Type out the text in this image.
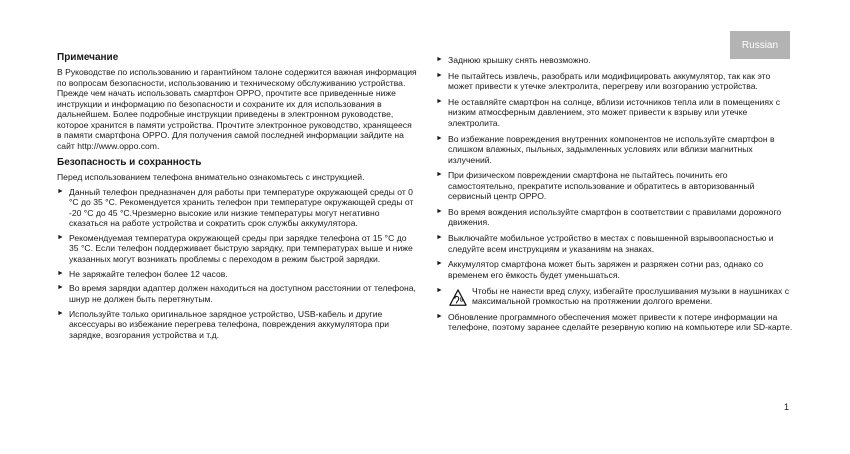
Russian
Примечание

В Руководстве по использованию и гарантийном талоне содержится важная информация по вопросам безопасности, использованию и техническому обслуживанию устройства. Прежде чем начать использовать смартфон OPPO, прочтите все приведенные ниже инструкции и информацию по безопасности и сохраните их для использования в дальнейшем. Более подробные инструкции приведены в электронном руководстве, которое хранится в памяти устройства. Прочтите электронное руководство, хранящееся в памяти смартфона OPPO. Для получения самой последней информации зайдите на сайт http://www.oppo.com.

Безопасность и сохранность

Перед использованием телефона внимательно ознакомьтесь с инструкцией.

► Данный телефон предназначен для работы при температуре окружающей среды от 0 °C до 35 °C. Рекомендуется хранить телефон при температуре окружающей среды от -20 °C до 45 °C.Чрезмерно высокие или низкие температуры могут негативно сказаться на работе устройства и сократить срок службы аккумулятора.
► Рекомендуемая температура окружающей среды при зарядке телефона от 15 °C до 35 °C. Если телефон поддерживает быструю зарядку, при температурах выше и ниже указанных могут возникать проблемы с переходом в режим быстрой зарядки.
► Не заряжайте телефон более 12 часов.
► Во время зарядки адаптер должен находиться на доступном расстоянии от телефона, шнур не должен быть перетянутым.
► Используйте только оригинальное зарядное устройство, USB-кабель и другие аксессуары во избежание перегрева телефона, повреждения аккумулятора при зарядке, возгорания устройства и т.д.
► Заднюю крышку снять невозможно.
► Не пытайтесь извлечь, разобрать или модифицировать аккумулятор, так как это может привести к утечке электролита, перегреву или возгоранию устройства.
► Не оставляйте смартфон на солнце, вблизи источников тепла или в помещениях с низким атмосферным давлением, это может привести к взрыву или утечке электролита.
► Во избежание повреждения внутренних компонентов не используйте смартфон в слишком влажных, пыльных, задымленных условиях или вблизи магнитных излучений.
► При физическом повреждении смартфона не пытайтесь починить его самостоятельно, прекратите использование и обратитесь в авторизованный сервисный центр OPPO.
► Во время вождения используйте смартфон в соответствии с правилами дорожного движения.
► Выключайте мобильное устройство в местах с повышенной взрывоопасностью и следуйте всем инструкциям и указаниям на знаках.
► Аккумулятор смартфона может быть заряжен и разряжен сотни раз, однако со временем его ёмкость будет уменьшаться.
►	Чтобы не нанести вред слуху, избегайте прослушивания музыки в наушниках с максимальной громкостью на протяжении долгого времени.
► Обновление программного обеспечения может привести к потере информации на телефоне, поэтому заранее сделайте резервную копию на компьютере или SD-карте.
1
